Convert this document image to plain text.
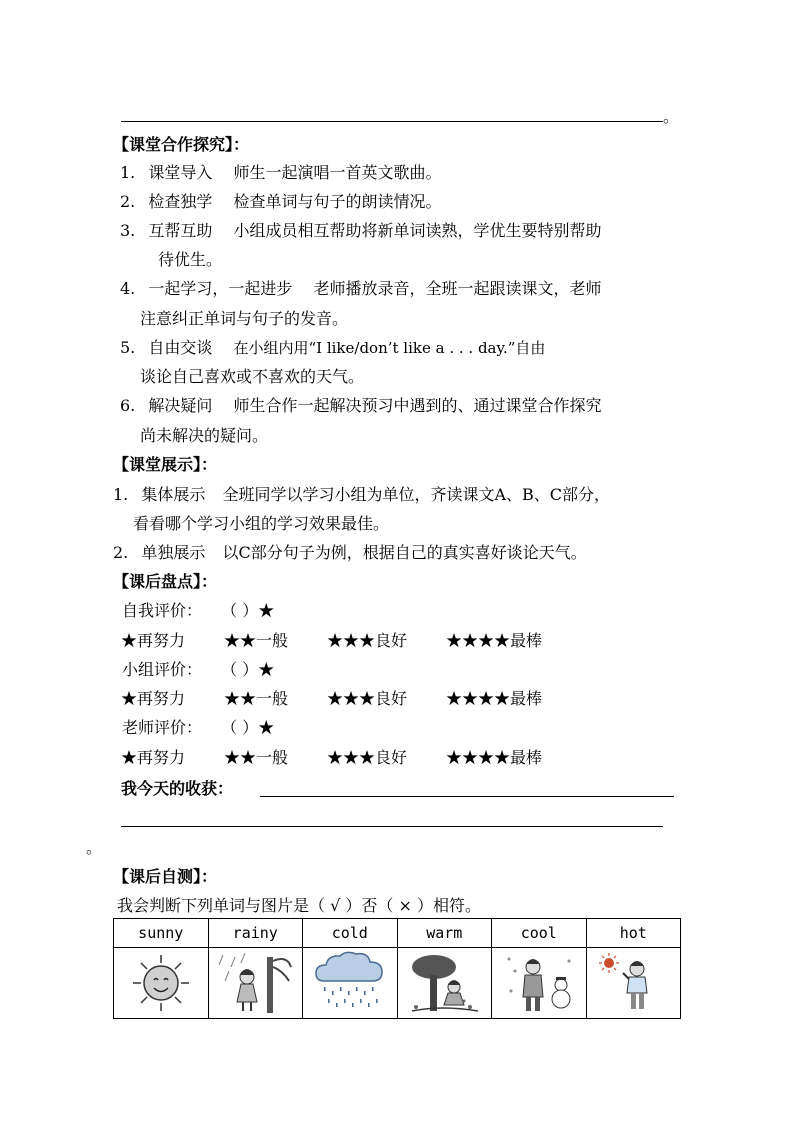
。
【课堂合作探究】：
1. 课堂导入 师生一起演唱一首英文歌曲。
2. 检查独学 检查单词与句子的朗读情况。
3. 互帮互助 小组成员相互帮助将新单词读熟，学优生要特别帮助
待优生。
4. 一起学习，一起进步 老师播放录音，全班一起跟读课文，老师
注意纠正单词与句子的发音。
5. 自由交谈 在小组内用“I like/don’t like a . . . day.”自由
谈论自己喜欢或不喜欢的天气。
6. 解决疑问 师生合作一起解决预习中遇到的、通过课堂合作探究
尚未解决的疑问。
【课堂展示】：
1. 集体展示 全班同学以学习小组为单位，齐读课文A、B、C部分，
看看哪个学习小组的学习效果最佳。
2. 单独展示 以C部分句子为例，根据自己的真实喜好谈论天气。
【课后盘点】：
自我评价： （ ）★
★再努力 ★★一般 ★★★良好 ★★★★最棒
小组评价： （ ）★
★再努力 ★★一般 ★★★良好 ★★★★最棒
老师评价： （ ）★
★再努力 ★★一般 ★★★良好 ★★★★最棒
我今天的收获：
。
【课后自测】：
我会判断下列单词与图片是（ √ ）否（ × ）相符。
sunny	rainy	cold	warm	cool	hot
